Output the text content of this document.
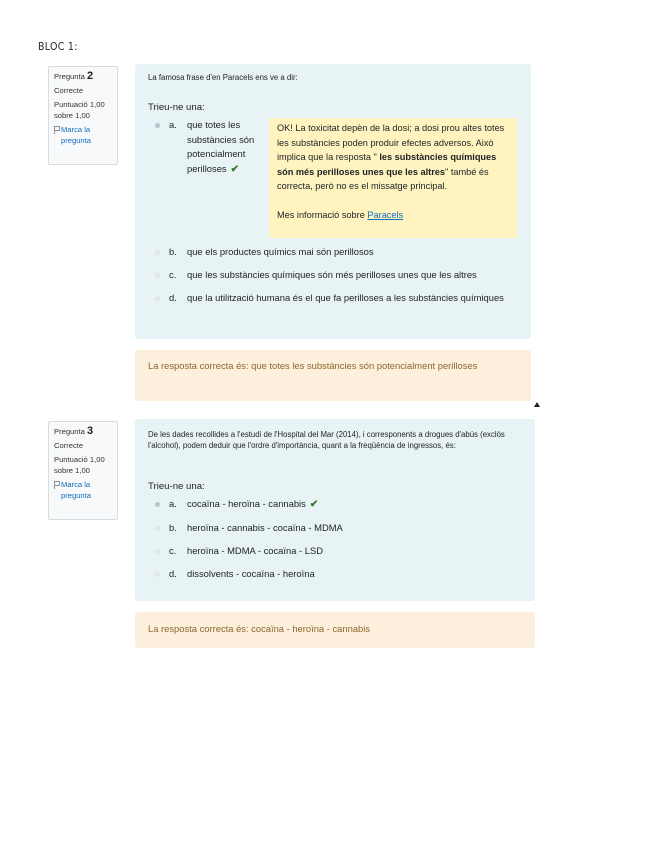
BLOC 1:
Pregunta 2
Correcte
Puntuació 1,00 sobre 1,00
Marca la pregunta
La famosa frase d'en Paracels ens ve a dir:
Trieu-ne una:
a. que totes les substàncies són potencialment perilloses ✔
OK! La toxicitat depèn de la dosi; a dosi prou altes totes les substàncies poden produir efectes adversos. Això implica que la resposta " les substàncies químiques són més perilloses unes que les altres" també és correcta, però no es el missatge principal.
Mes informació sobre Paracels
b. que els productes químics mai són perillosos
c. que les substàncies químiques són més perilloses unes que les altres
d. que la utilització humana és el que fa perilloses a les substàncies químiques
La resposta correcta és: que totes les substàncies són potencialment perilloses
Pregunta 3
Correcte
Puntuació 1,00 sobre 1,00
Marca la pregunta
De les dades recollides a l'estudi de l'Hospital del Mar (2014), i corresponents a drogues d'abús (exclòs l'alcohol), podem deduir que l'ordre d'importància, quant a la freqüència de ingressos, és:
Trieu-ne una:
a. cocaïna - heroïna - cannabis ✔
b. heroïna - cannabis - cocaïna - MDMA
c. heroïna - MDMA - cocaïna - LSD
d. dissolvents - cocaïna - heroïna
La resposta correcta és: cocaïna - heroïna - cannabis
